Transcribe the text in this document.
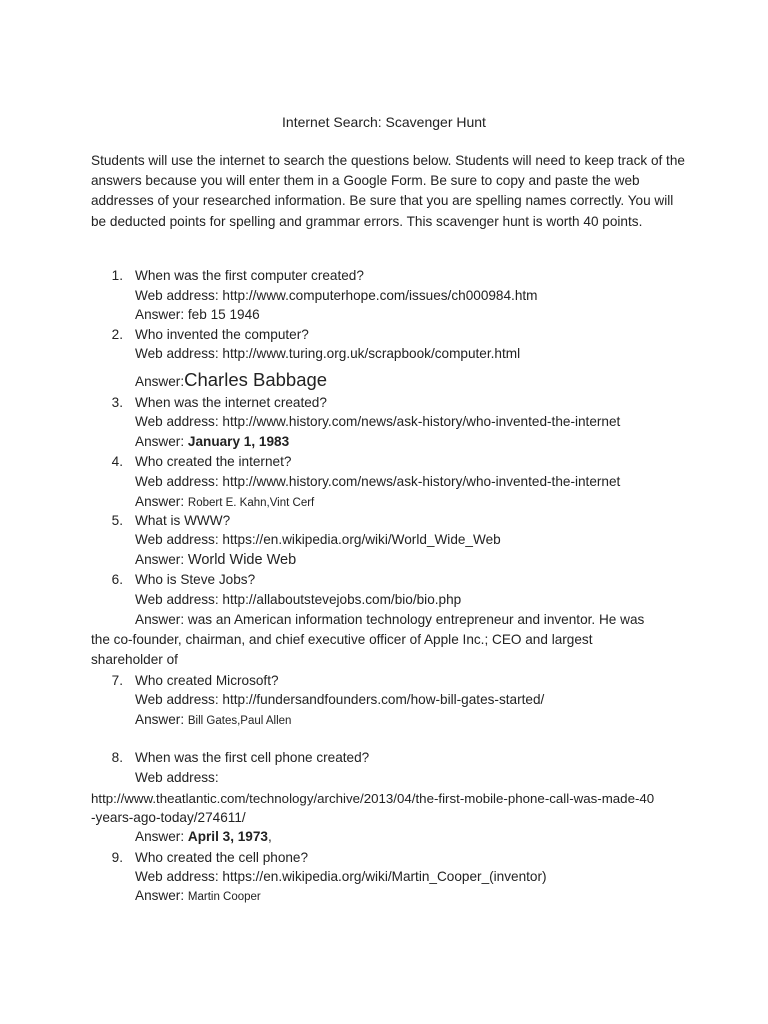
Internet Search: Scavenger Hunt
Students will use the internet to search the questions below. Students will need to keep track of the answers because you will enter them in a Google Form. Be sure to copy and paste the web addresses of your researched information. Be sure that you are spelling names correctly. You will be deducted points for spelling and grammar errors. This scavenger hunt is worth 40 points.
1. When was the first computer created?
Web address: http://www.computerhope.com/issues/ch000984.htm
Answer: feb 15 1946
2. Who invented the computer?
Web address: http://www.turing.org.uk/scrapbook/computer.html
Answer:Charles Babbage
3. When was the internet created?
Web address: http://www.history.com/news/ask-history/who-invented-the-internet
Answer: January 1, 1983
4. Who created the internet?
Web address: http://www.history.com/news/ask-history/who-invented-the-internet
Answer: Robert E. Kahn,Vint Cerf
5. What is WWW?
Web address: https://en.wikipedia.org/wiki/World_Wide_Web
Answer: World Wide Web
6. Who is Steve Jobs?
Web address: http://allaboutstevejobs.com/bio/bio.php
Answer: was an American information technology entrepreneur and inventor. He was
the co-founder, chairman, and chief executive officer of Apple Inc.; CEO and largest
shareholder of
7. Who created Microsoft?
Web address: http://fundersandfounders.com/how-bill-gates-started/
Answer: Bill Gates,Paul Allen
8. When was the first cell phone created?
Web address:
http://www.theatlantic.com/technology/archive/2013/04/the-first-mobile-phone-call-was-made-40
-years-ago-today/274611/
Answer: April 3, 1973,
9. Who created the cell phone?
Web address: https://en.wikipedia.org/wiki/Martin_Cooper_(inventor)
Answer: Martin Cooper
